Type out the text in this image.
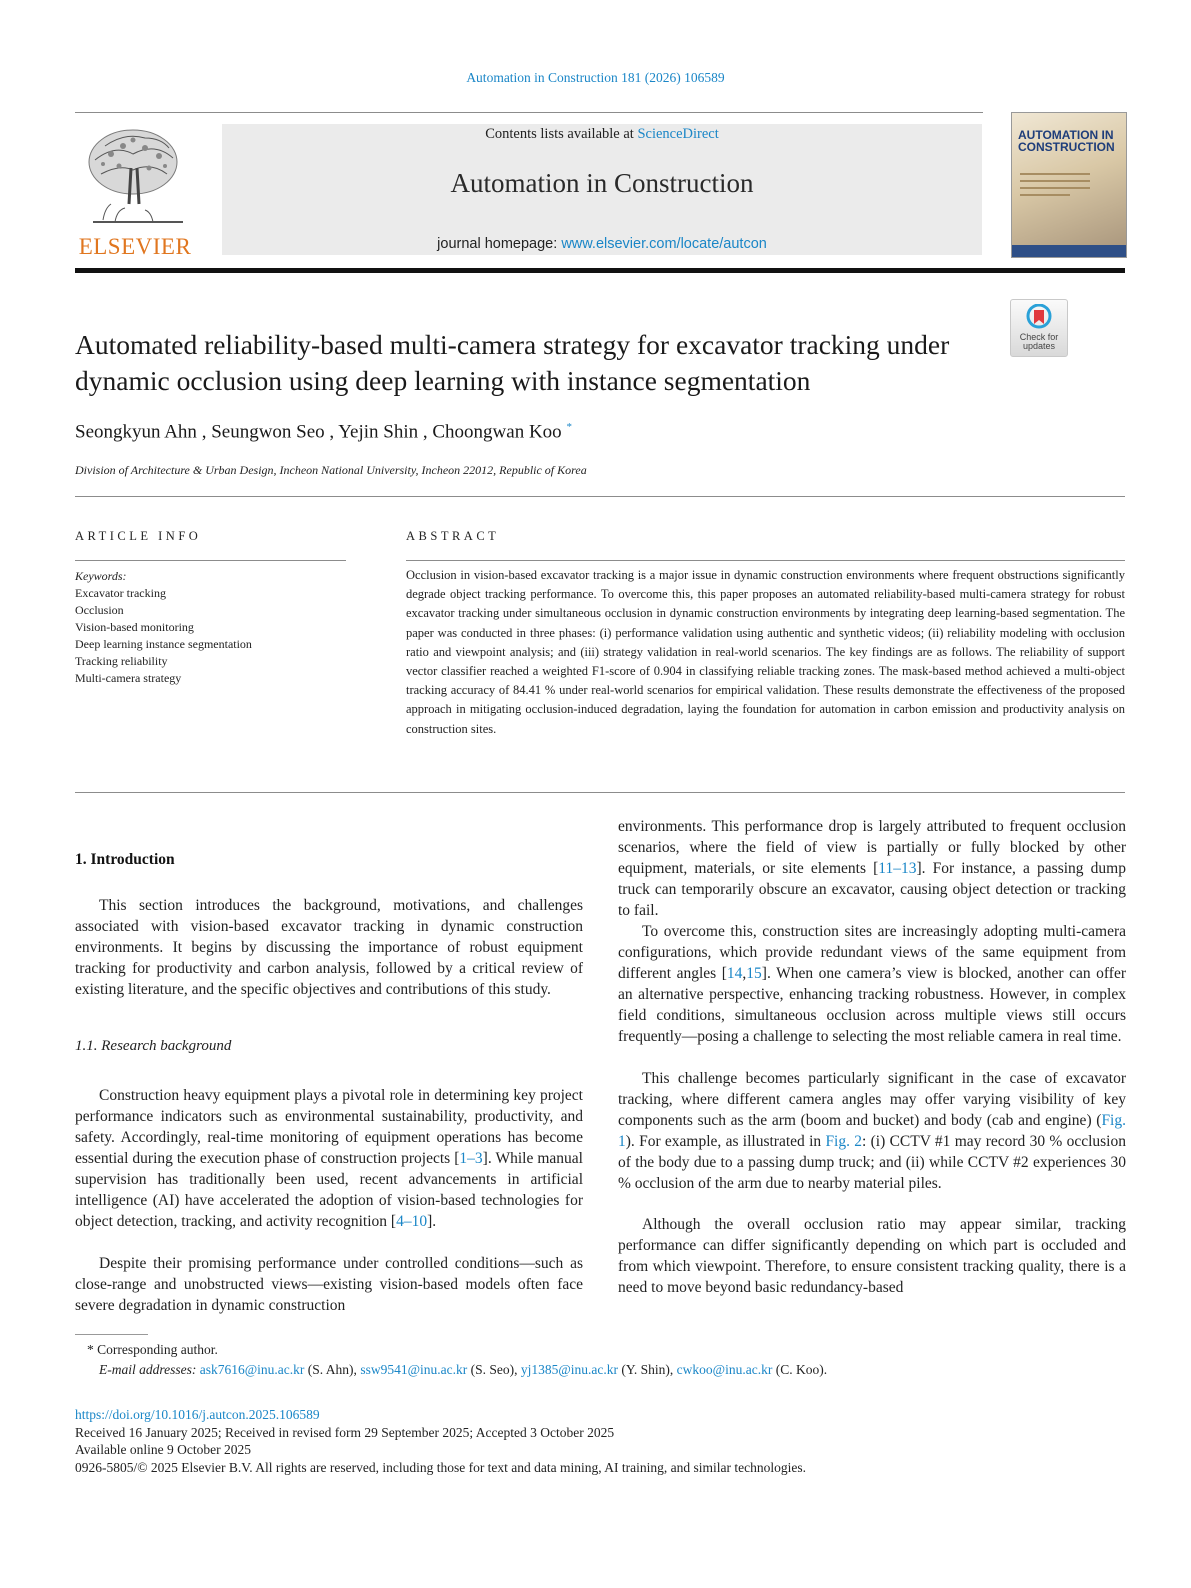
Automation in Construction 181 (2026) 106589
ELSEVIER
Contents lists available at ScienceDirect
Automation in Construction
journal homepage: www.elsevier.com/locate/autcon
AUTOMATION IN CONSTRUCTION
Check for updates
Automated reliability-based multi-camera strategy for excavator tracking under dynamic occlusion using deep learning with instance segmentation
Seongkyun Ahn , Seungwon Seo , Yejin Shin , Choongwan Koo *
Division of Architecture & Urban Design, Incheon National University, Incheon 22012, Republic of Korea
ARTICLE INFO	ABSTRACT
Keywords:
Excavator tracking
Occlusion
Vision-based monitoring
Deep learning instance segmentation
Tracking reliability
Multi-camera strategy
Occlusion in vision-based excavator tracking is a major issue in dynamic construction environments where frequent obstructions significantly degrade object tracking performance. To overcome this, this paper proposes an automated reliability-based multi-camera strategy for robust excavator tracking under simultaneous occlusion in dynamic construction environments by integrating deep learning-based segmentation. The paper was conducted in three phases: (i) performance validation using authentic and synthetic videos; (ii) reliability modeling with occlusion ratio and viewpoint analysis; and (iii) strategy validation in real-world scenarios. The key findings are as follows. The reliability of support vector classifier reached a weighted F1-score of 0.904 in classifying reliable tracking zones. The mask-based method achieved a multi-object tracking accuracy of 84.41 % under real-world scenarios for empirical validation. These results demonstrate the effectiveness of the proposed approach in mitigating occlusion-induced degradation, laying the foundation for automation in carbon emission and productivity analysis on construction sites.
1. Introduction

This section introduces the background, motivations, and challenges associated with vision-based excavator tracking in dynamic construction environments. It begins by discussing the importance of robust equipment tracking for productivity and carbon analysis, followed by a critical review of existing literature, and the specific objectives and contributions of this study.

1.1. Research background

Construction heavy equipment plays a pivotal role in determining key project performance indicators such as environmental sustainability, productivity, and safety. Accordingly, real-time monitoring of equipment operations has become essential during the execution phase of construction projects [1–3]. While manual supervision has traditionally been used, recent advancements in artificial intelligence (AI) have accelerated the adoption of vision-based technologies for object detection, tracking, and activity recognition [4–10].

Despite their promising performance under controlled conditions—such as close-range and unobstructed views—existing vision-based models often face severe degradation in dynamic construction

environments. This performance drop is largely attributed to frequent occlusion scenarios, where the field of view is partially or fully blocked by other equipment, materials, or site elements [11–13]. For instance, a passing dump truck can temporarily obscure an excavator, causing object detection or tracking to fail.

To overcome this, construction sites are increasingly adopting multi-camera configurations, which provide redundant views of the same equipment from different angles [14,15]. When one camera’s view is blocked, another can offer an alternative perspective, enhancing tracking robustness. However, in complex field conditions, simultaneous occlusion across multiple views still occurs frequently—posing a challenge to selecting the most reliable camera in real time.

This challenge becomes particularly significant in the case of excavator tracking, where different camera angles may offer varying visibility of key components such as the arm (boom and bucket) and body (cab and engine) (Fig. 1). For example, as illustrated in Fig. 2: (i) CCTV #1 may record 30 % occlusion of the body due to a passing dump truck; and (ii) while CCTV #2 experiences 30 % occlusion of the arm due to nearby material piles.

Although the overall occlusion ratio may appear similar, tracking performance can differ significantly depending on which part is occluded and from which viewpoint. Therefore, to ensure consistent tracking quality, there is a need to move beyond basic redundancy-based

* Corresponding author.
E-mail addresses: ask7616@inu.ac.kr (S. Ahn), ssw9541@inu.ac.kr (S. Seo), yj1385@inu.ac.kr (Y. Shin), cwkoo@inu.ac.kr (C. Koo).
https://doi.org/10.1016/j.autcon.2025.106589
Received 16 January 2025; Received in revised form 29 September 2025; Accepted 3 October 2025
Available online 9 October 2025
0926-5805/© 2025 Elsevier B.V. All rights are reserved, including those for text and data mining, AI training, and similar technologies.
